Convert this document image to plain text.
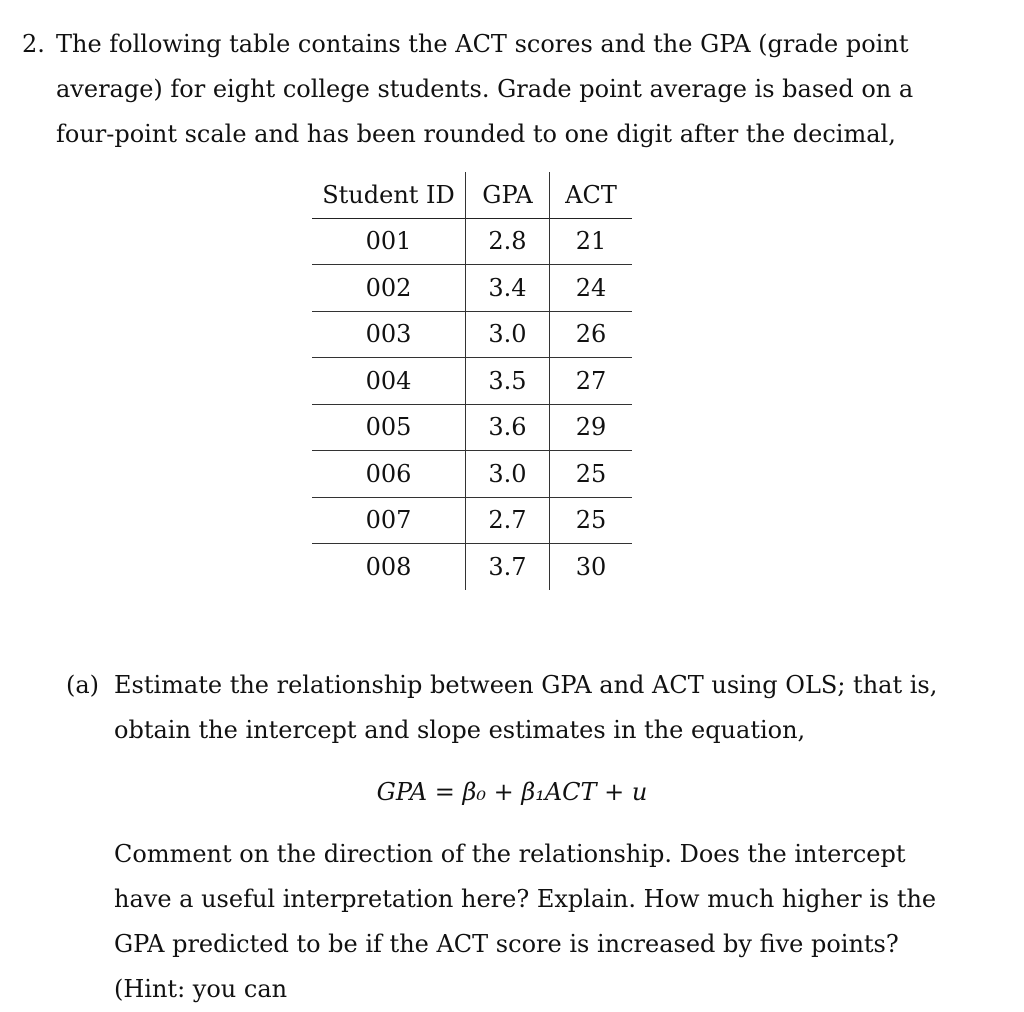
2. The following table contains the ACT scores and the GPA (grade point average) for eight college students. Grade point average is based on a four-point scale and has been rounded to one digit after the decimal,
Student ID	GPA	ACT
001	2.8	21
002	3.4	24
003	3.0	26
004	3.5	27
005	3.6	29
006	3.0	25
007	2.7	25
008	3.7	30
(a) Estimate the relationship between GPA and ACT using OLS; that is, obtain the intercept and slope estimates in the equation,
GPA = β₀ + β₁ACT + u
Comment on the direction of the relationship. Does the intercept have a useful interpretation here? Explain. How much higher is the GPA predicted to be if the ACT score is increased by five points? (Hint: you can
